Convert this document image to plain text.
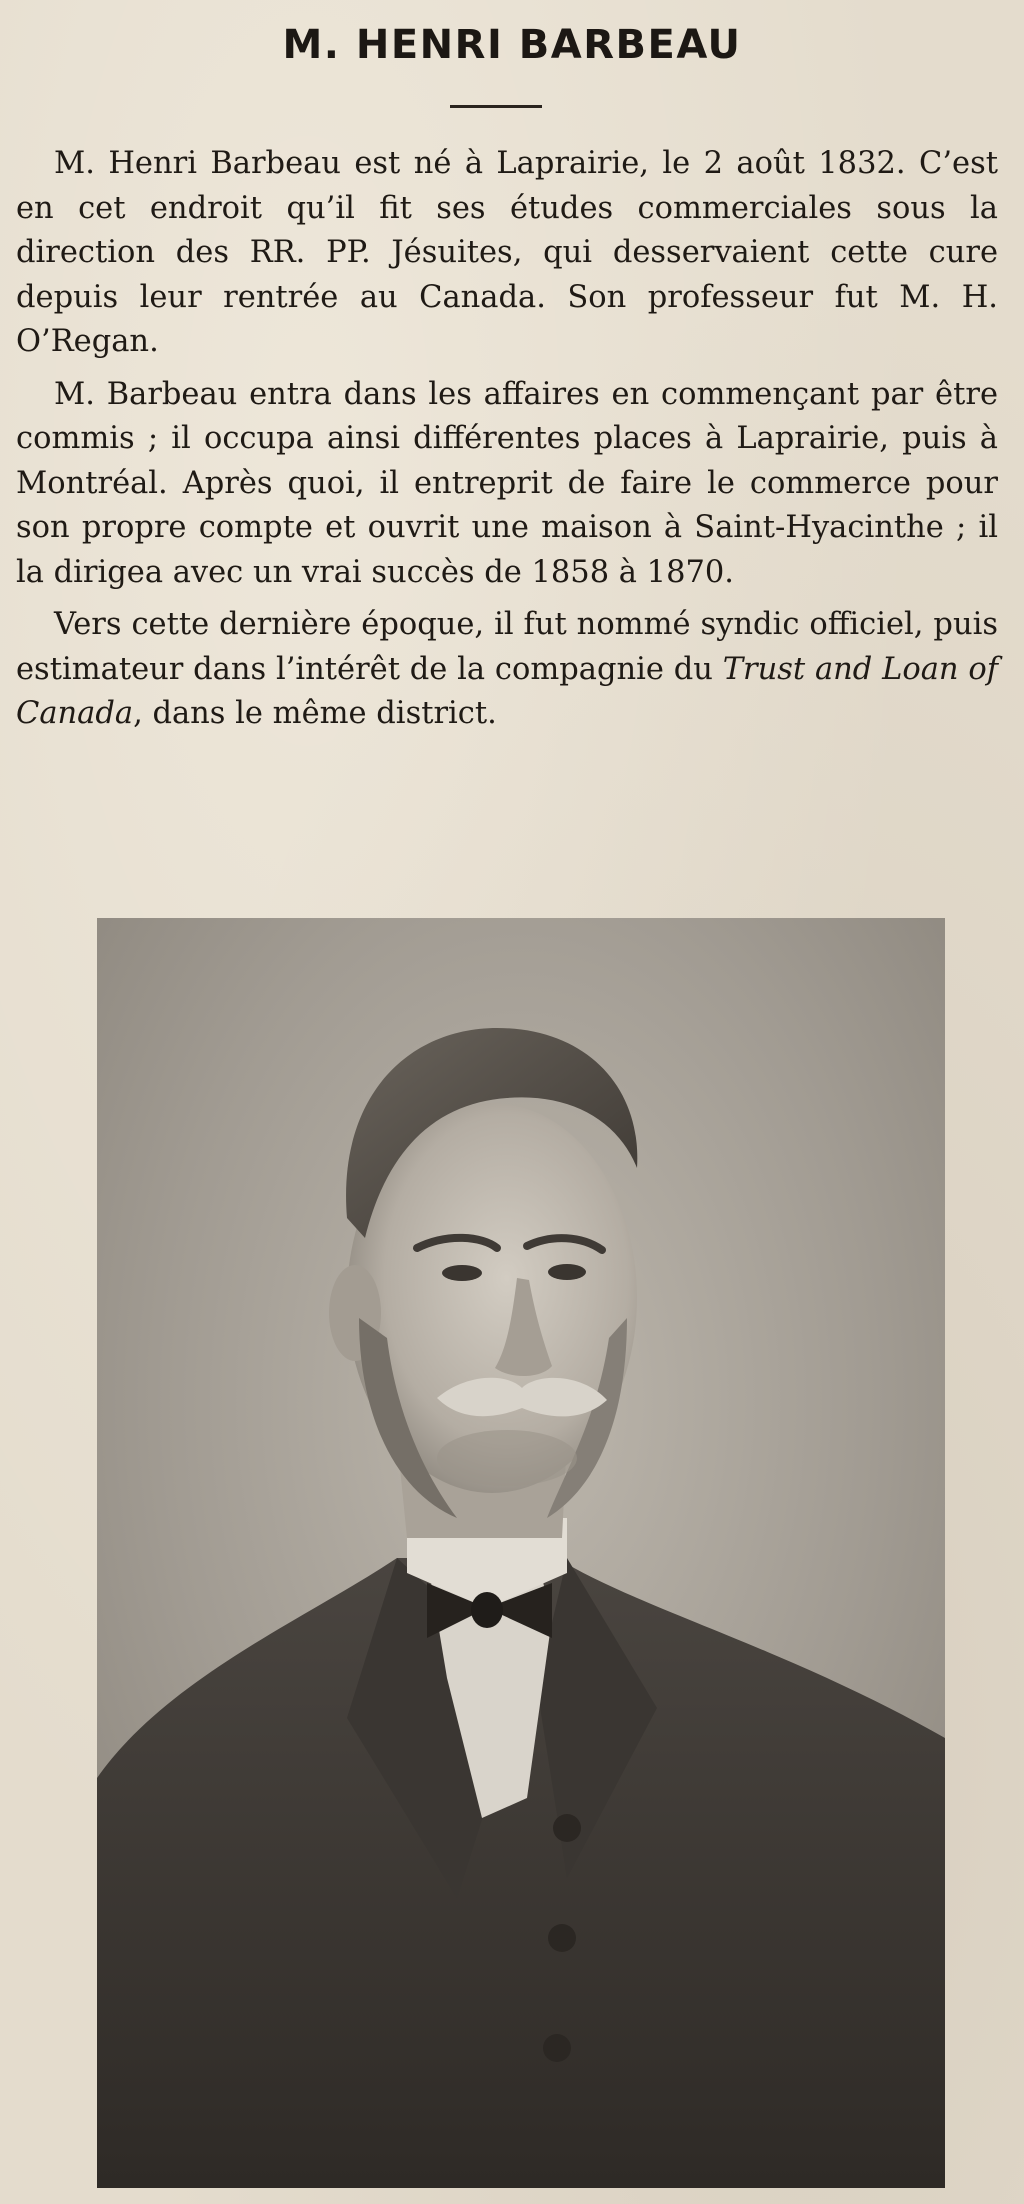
M. HENRI BARBEAU

M. Henri Barbeau est né à Laprairie, le 2 août 1832. C’est en cet endroit qu’il fit ses études commerciales sous la direction des RR. PP. Jésuites, qui desservaient cette cure depuis leur rentrée au Canada. Son professeur fut M. H. O’Regan.

M. Barbeau entra dans les affaires en commençant par être commis ; il occupa ainsi différentes places à Laprairie, puis à Montréal. Après quoi, il entreprit de faire le commerce pour son propre compte et ouvrit une maison à Saint-Hyacinthe ; il la dirigea avec un vrai succès de 1858 à 1870.

Vers cette dernière époque, il fut nommé syndic officiel, puis estimateur dans l’intérêt de la compagnie du Trust and Loan of Canada, dans le même district.
